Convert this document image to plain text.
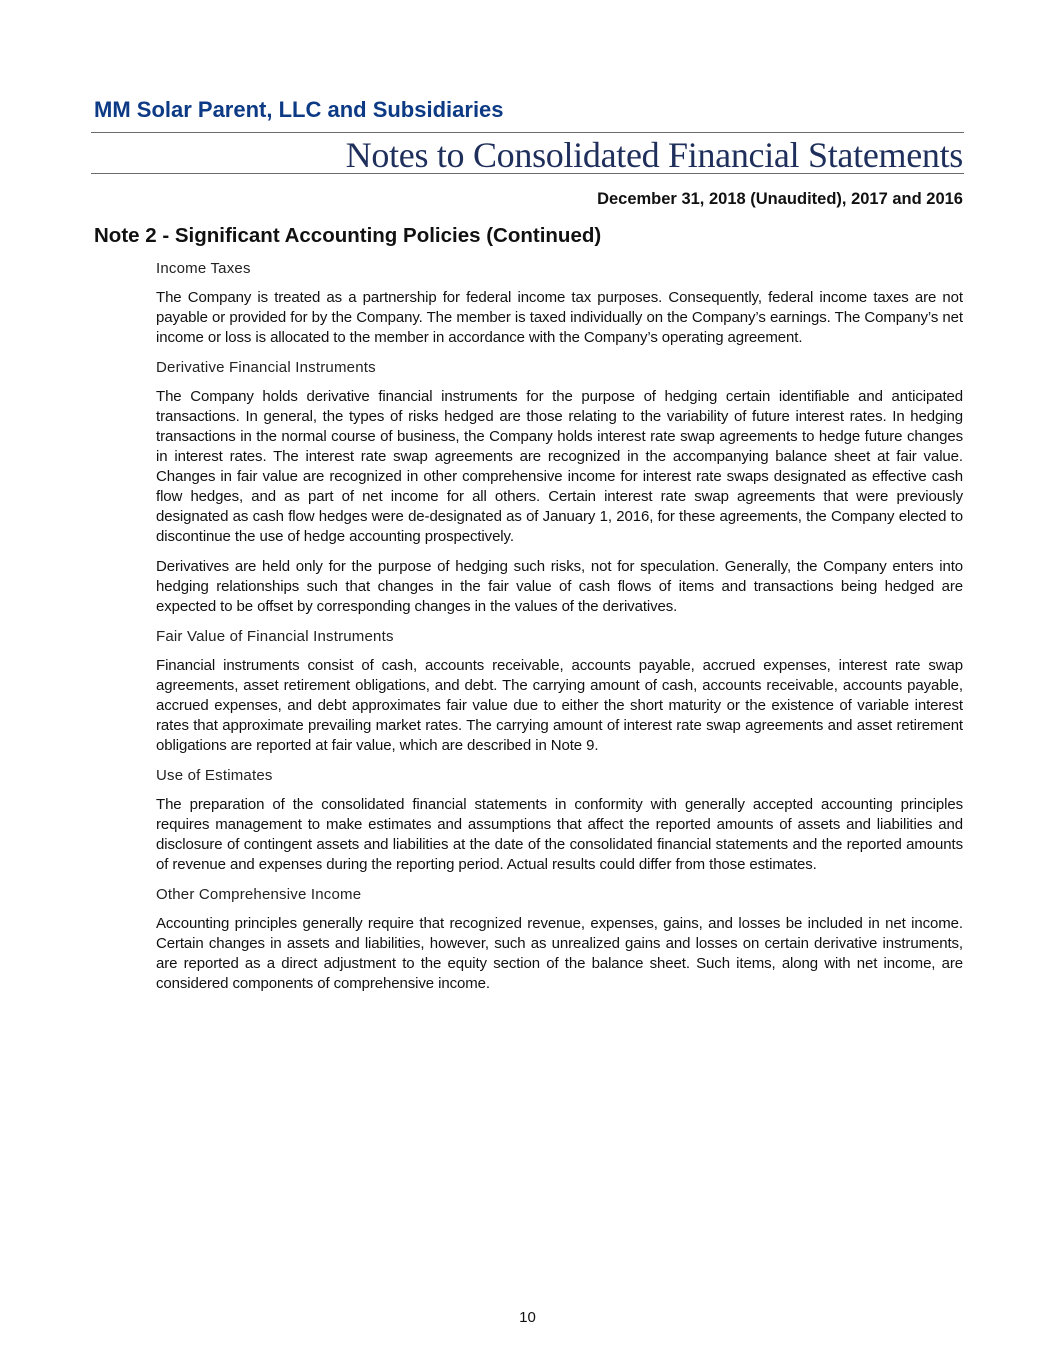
MM Solar Parent, LLC and Subsidiaries
Notes to Consolidated Financial Statements
December 31, 2018 (Unaudited), 2017 and 2016
Note 2 - Significant Accounting Policies (Continued)
Income Taxes

The Company is treated as a partnership for federal income tax purposes. Consequently, federal income taxes are not payable or provided for by the Company. The member is taxed individually on the Company’s earnings. The Company’s net income or loss is allocated to the member in accordance with the Company’s operating agreement.

Derivative Financial Instruments

The Company holds derivative financial instruments for the purpose of hedging certain identifiable and anticipated transactions. In general, the types of risks hedged are those relating to the variability of future interest rates. In hedging transactions in the normal course of business, the Company holds interest rate swap agreements to hedge future changes in interest rates. The interest rate swap agreements are recognized in the accompanying balance sheet at fair value. Changes in fair value are recognized in other comprehensive income for interest rate swaps designated as effective cash flow hedges, and as part of net income for all others. Certain interest rate swap agreements that were previously designated as cash flow hedges were de-designated as of January 1, 2016, for these agreements, the Company elected to discontinue the use of hedge accounting prospectively.

Derivatives are held only for the purpose of hedging such risks, not for speculation. Generally, the Company enters into hedging relationships such that changes in the fair value of cash flows of items and transactions being hedged are expected to be offset by corresponding changes in the values of the derivatives.

Fair Value of Financial Instruments

Financial instruments consist of cash, accounts receivable, accounts payable, accrued expenses, interest rate swap agreements, asset retirement obligations, and debt. The carrying amount of cash, accounts receivable, accounts payable, accrued expenses, and debt approximates fair value due to either the short maturity or the existence of variable interest rates that approximate prevailing market rates. The carrying amount of interest rate swap agreements and asset retirement obligations are reported at fair value, which are described in Note 9.

Use of Estimates

The preparation of the consolidated financial statements in conformity with generally accepted accounting principles requires management to make estimates and assumptions that affect the reported amounts of assets and liabilities and disclosure of contingent assets and liabilities at the date of the consolidated financial statements and the reported amounts of revenue and expenses during the reporting period. Actual results could differ from those estimates.

Other Comprehensive Income

Accounting principles generally require that recognized revenue, expenses, gains, and losses be included in net income. Certain changes in assets and liabilities, however, such as unrealized gains and losses on certain derivative instruments, are reported as a direct adjustment to the equity section of the balance sheet. Such items, along with net income, are considered components of comprehensive income.

10
